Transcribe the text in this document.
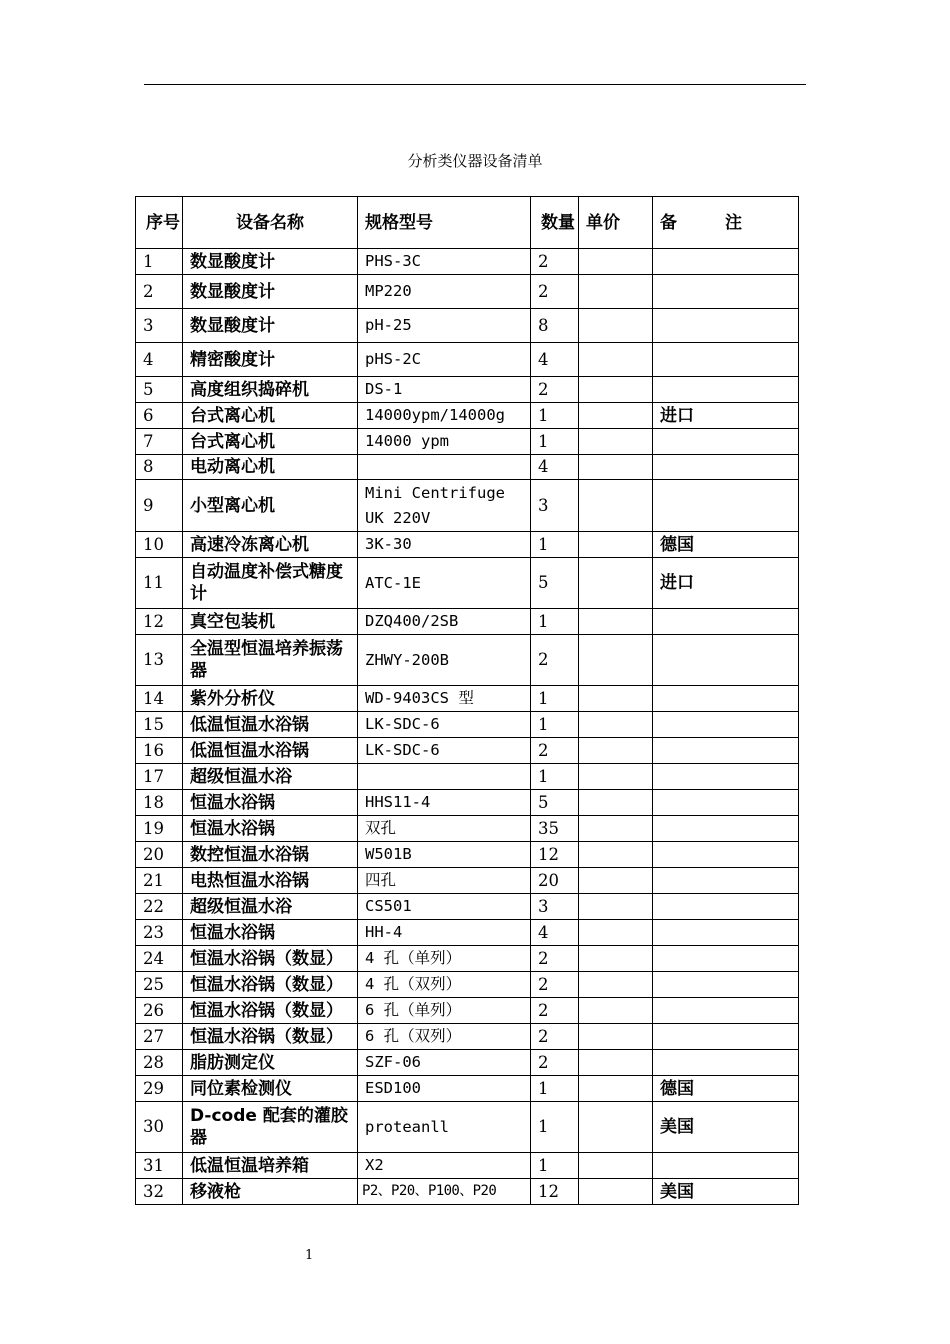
分析类仪器设备清单
序号	设备名称	规格型号	数量	单价	备 注
1	数显酸度计	PHS-3C	2		
2	数显酸度计	MP220	2		
3	数显酸度计	pH-25	8		
4	精密酸度计	pHS-2C	4		
5	高度组织捣碎机	DS-1	2		
6	台式离心机	14000ypm/14000g	1		进口
7	台式离心机	14000 ypm	1		
8	电动离心机		4		
9	小型离心机	Mini Centrifuge UK 220V	3		
10	高速冷冻离心机	3K-30	1		德国
11	自动温度补偿式糖度计	ATC-1E	5		进口
12	真空包装机	DZQ400/2SB	1		
13	全温型恒温培养振荡器	ZHWY-200B	2		
14	紫外分析仪	WD-9403CS 型	1		
15	低温恒温水浴锅	LK-SDC-6	1		
16	低温恒温水浴锅	LK-SDC-6	2		
17	超级恒温水浴		1		
18	恒温水浴锅	HHS11-4	5		
19	恒温水浴锅	双孔	35		
20	数控恒温水浴锅	W501B	12		
21	电热恒温水浴锅	四孔	20		
22	超级恒温水浴	CS501	3		
23	恒温水浴锅	HH-4	4		
24	恒温水浴锅（数显）	4 孔（单列）	2		
25	恒温水浴锅（数显）	4 孔（双列）	2		
26	恒温水浴锅（数显）	6 孔（单列）	2		
27	恒温水浴锅（数显）	6 孔（双列）	2		
28	脂肪测定仪	SZF-06	2		
29	同位素检测仪	ESD100	1		德国
30	D-code 配套的灌胶器	proteanll	1		美国
31	低温恒温培养箱	X2	1		
32	移液枪	P2、P20、P100、P20	12		美国
1
